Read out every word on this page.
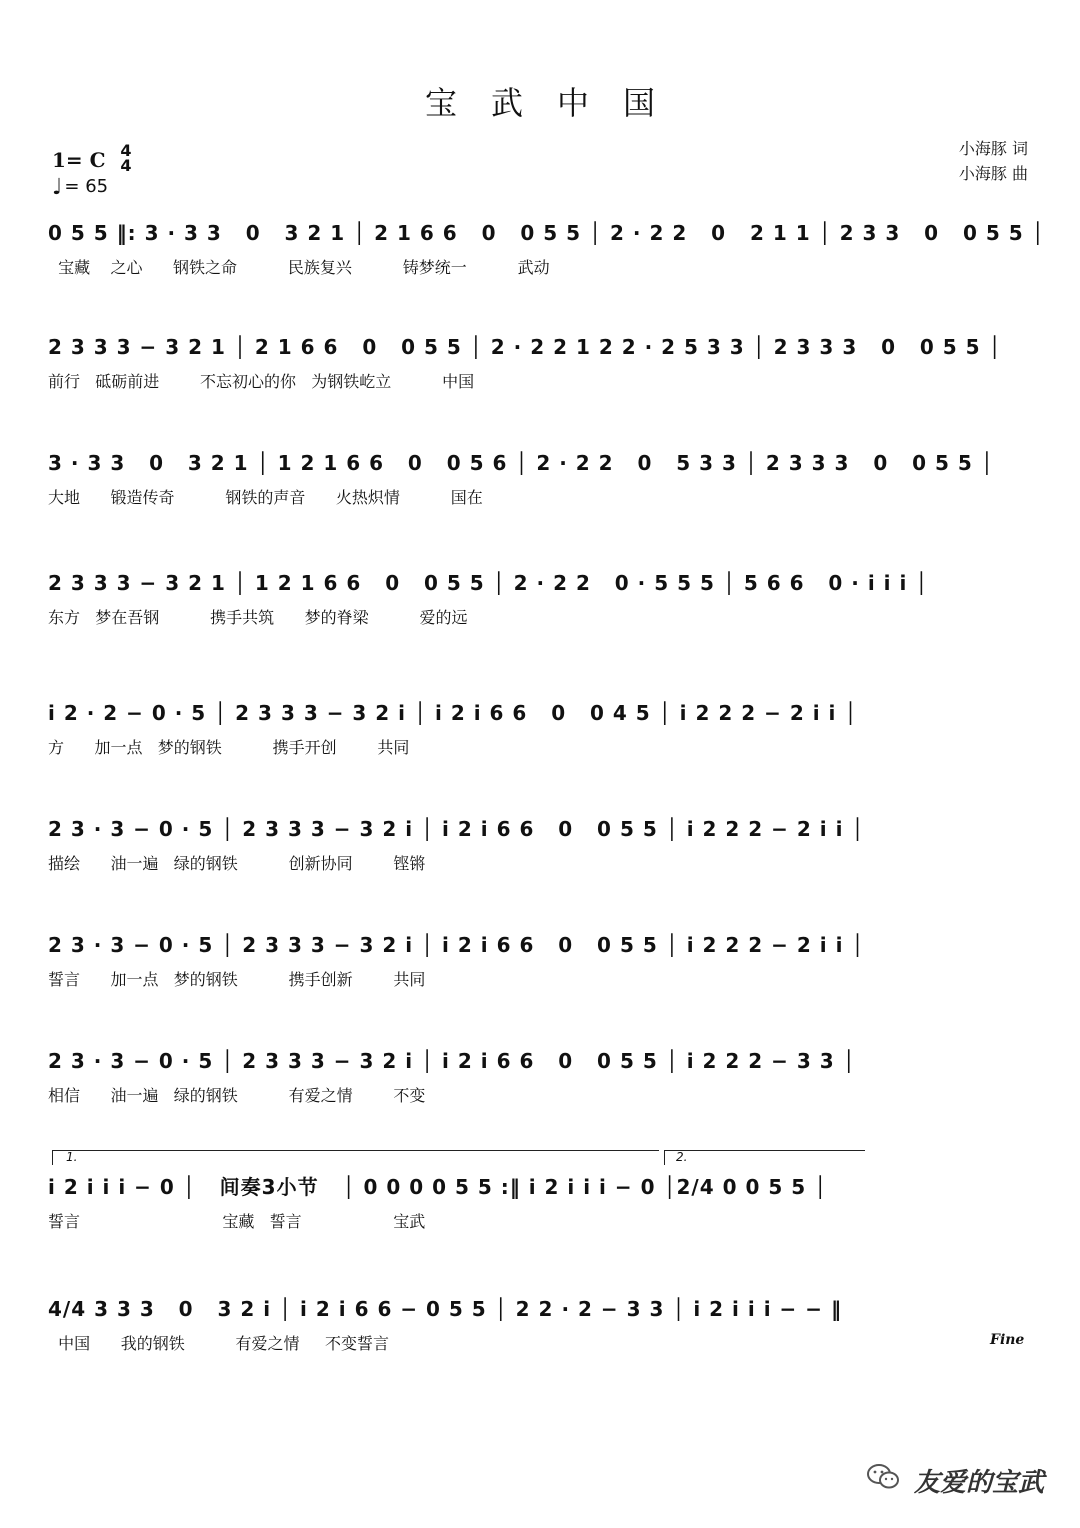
宝武中国
1= C 4
4
♩ = 65
小海豚 词
小海豚 曲
0 5 5 ‖: 3 · 3 3   0   3 2 1 │ 2 1 6 6   0   0 5 5 │ 2 · 2 2   0   2 1 1 │ 2 3 3   0   0 5 5 │
宝藏    之心      钢铁之命          民族复兴          铸梦统一          武动
2 3 3 3 − 3 2 1 │ 2 1 6 6   0   0 5 5 │ 2 · 2 2 1 2 2 · 2 5 3 3 │ 2 3 3 3   0   0 5 5 │
前行   砥砺前进        不忘初心的你   为钢铁屹立          中国
3 · 3 3   0   3 2 1 │ 1 2 1 6 6   0   0 5 6 │ 2 · 2 2   0   5 3 3 │ 2 3 3 3   0   0 5 5 │
大地      锻造传奇          钢铁的声音      火热炽情          国在
2 3 3 3 − 3 2 1 │ 1 2 1 6 6   0   0 5 5 │ 2 · 2 2   0 · 5 5 5 │ 5 6 6   0 · i i i │
东方   梦在吾钢          携手共筑      梦的脊梁          爱的远
i 2 · 2 − 0 · 5 │ 2 3 3 3 − 3 2 i │ i 2 i 6 6   0   0 4 5 │ i 2 2 2 − 2 i i │
方      加一点   梦的钢铁          携手开创        共同
2 3 · 3 − 0 · 5 │ 2 3 3 3 − 3 2 i │ i 2 i 6 6   0   0 5 5 │ i 2 2 2 − 2 i i │
描绘      油一遍   绿的钢铁          创新协同        铿锵
2 3 · 3 − 0 · 5 │ 2 3 3 3 − 3 2 i │ i 2 i 6 6   0   0 5 5 │ i 2 2 2 − 2 i i │
誓言      加一点   梦的钢铁          携手创新        共同
2 3 · 3 − 0 · 5 │ 2 3 3 3 − 3 2 i │ i 2 i 6 6   0   0 5 5 │ i 2 2 2 − 3 3 │
相信      油一遍   绿的钢铁          有爱之情        不变
1.	2.
i 2 i i i − 0 │   间奏3小节   │ 0 0 0 0 5 5 :‖ i 2 i i i − 0 │2/4 0 0 5 5 │
誓言                            宝藏   誓言                  宝武
4/4 3 3 3   0   3 2 i │ i 2 i 6 6 − 0 5 5 │ 2 2 · 2 − 3 3 │ i 2 i i i − − ‖
中国      我的钢铁          有爱之情     不变誓言	Fine
友爱的宝武
